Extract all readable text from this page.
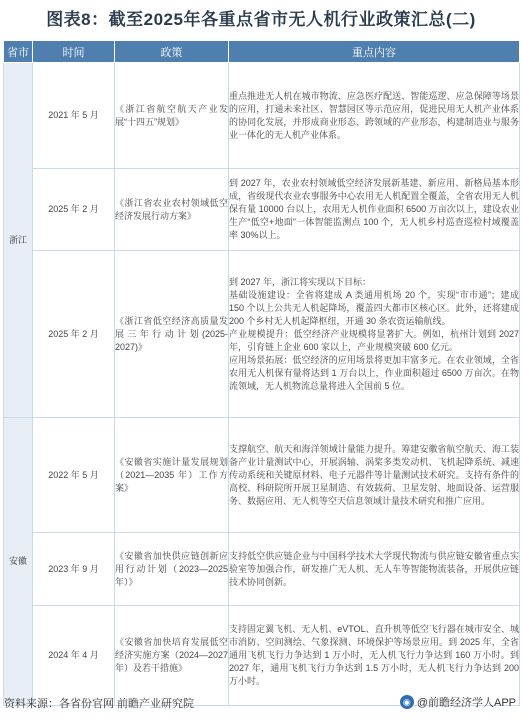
图表8：截至2025年各重点省市无人机行业政策汇总(二)
省市	时间	政策	重点内容
浙江	2021 年 5 月	《浙江省航空航天产业发展“十四五”规划》	重点推进无人机在城市物流、应急医疗配送、智能巡逻、应急保障等场景的应用，打通未来社区、智慧园区等示范应用，促进民用无人机产业体系的协同化发展，并形成商业形态、跨领域的产业形态，构建制造业与服务业一体化的无人机产业体系。
	2025 年 2 月	《浙江省农业农村领域低空经济发展行动方案》	到 2027 年，农业农村领域低空经济发展新基建、新应用、新格局基本形成，省级现代农业农事服务中心农用无人机配置全覆盖，全省农用无人机保有量 10000 台以上，农用无人机作业面积 6500 万亩次以上，建设农业生产“低空+地面”一体智能监测点 100 个，无人机乡村巡查巡检村域覆盖率 30%以上。
	2025 年 2 月	《浙江省低空经济高质量发展三年行动计划(2025-2027)》	到 2027 年，浙江将实现以下目标：
基础设施建设：全省将建成 A 类通用机场 20 个，实现“市市通”；建成 150 个以上公共无人机起降场，覆盖四大都市区核心区。此外，还将建成 200 个乡村无人机起降枢纽，开通 30 条农资运输航线。
产业规模提升：低空经济产业规模将显著扩大。例如，杭州计划到 2027 年，引育链上企业 600 家以上，产业规模突破 600 亿元。
应用场景拓展：低空经济的应用场景将更加丰富多元。在农业领域，全省农用无人机保有量将达到 1 万台以上，作业面积超过 6500 万亩次。在物流领域，无人机物流总量将进入全国前 5 位。

安徽	2022 年 5 月	《安徽省实施计量发展规划（2021—2035 年）工作方案》	支撑航空、航天和海洋领域计量能力提升。筹建安徽省航空航天、海工装备产业计量测试中心，开展涡轴、涡桨多类发动机、飞机起降系统、减速传动系统和关键原材料、电子元器件等计量测试技术研究。支持有条件的高校、科研院所开展卫星制造、有效载荷、卫星发射、地面设备、运营服务、数据应用、无人机等空天信息领域计量技术研究和推广应用。
	2023 年 9 月	《安徽省加快供应链创新应用行动计划（2023—2025 年）》	支持低空供应链企业与中国科学技术大学现代物流与供应链安徽省重点实验室等加强合作，研发推广无人机、无人车等智能物流装备，开展供应链技术协同创新。
	2024 年 4 月	《安徽省加快培育发展低空经济实施方案（2024—2027 年）及若干措施》	支持固定翼飞机、无人机、eVTOL、直升机等低空飞行器在城市安全、城市消防、空间测绘、气象探测、环境保护等场景应用。到 2025 年，全省通用飞机飞行力争达到 1 万小时，无人机飞行力争达到 160 万小时。到 2027 年，通用飞机飞行力争达到 1.5 万小时，无人机飞行力争达到 200 万小时。
资料来源：各省份官网 前瞻产业研究院	◉ @前瞻经济学人APP
